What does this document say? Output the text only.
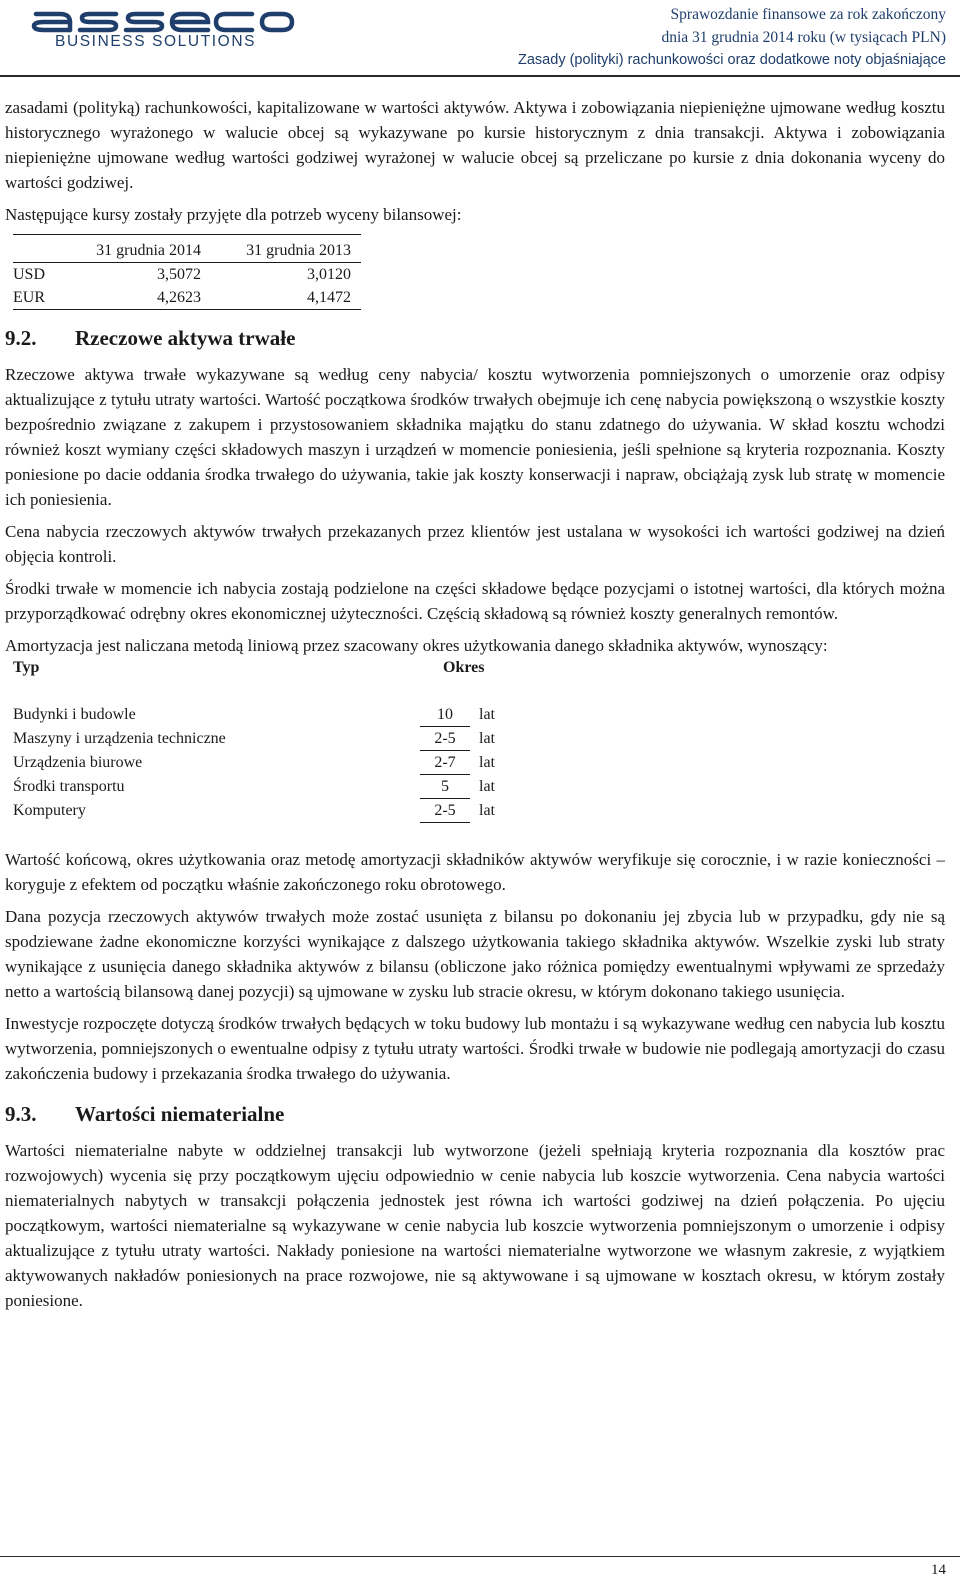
BUSINESS SOLUTIONS
Sprawozdanie finansowe za rok zakończony
dnia 31 grudnia 2014 roku (w tysiącach PLN)
Zasady (polityki) rachunkowości oraz dodatkowe noty objaśniające

zasadami (polityką) rachunkowości, kapitalizowane w wartości aktywów. Aktywa i zobowiązania niepieniężne ujmowane według kosztu historycznego wyrażonego w walucie obcej są wykazywane po kursie historycznym z dnia transakcji. Aktywa i zobowiązania niepieniężne ujmowane według wartości godziwej wyrażonej w walucie obcej są przeliczane po kursie z dnia dokonania wyceny do wartości godziwej.

Następujące kursy zostały przyjęte dla potrzeb wyceny bilansowej:

	31 grudnia 2014	31 grudnia 2013
USD	3,5072	3,0120
EUR	4,2623	4,1472
9.2. Rzeczowe aktywa trwałe

Rzeczowe aktywa trwałe wykazywane są według ceny nabycia/ kosztu wytworzenia pomniejszonych o umorzenie oraz odpisy aktualizujące z tytułu utraty wartości. Wartość początkowa środków trwałych obejmuje ich cenę nabycia powiększoną o wszystkie koszty bezpośrednio związane z zakupem i przystosowaniem składnika majątku do stanu zdatnego do używania. W skład kosztu wchodzi również koszt wymiany części składowych maszyn i urządzeń w momencie poniesienia, jeśli spełnione są kryteria rozpoznania. Koszty poniesione po dacie oddania środka trwałego do używania, takie jak koszty konserwacji i napraw, obciążają zysk lub stratę w momencie ich poniesienia.

Cena nabycia rzeczowych aktywów trwałych przekazanych przez klientów jest ustalana w wysokości ich wartości godziwej na dzień objęcia kontroli.

Środki trwałe w momencie ich nabycia zostają podzielone na części składowe będące pozycjami o istotnej wartości, dla których można przyporządkować odrębny okres ekonomicznej użyteczności. Częścią składową są również koszty generalnych remontów.

Amortyzacja jest naliczana metodą liniową przez szacowany okres użytkowania danego składnika aktywów, wynoszący:

Typ	Okres
Budynki i budowle	10	lat
Maszyny i urządzenia techniczne	2-5	lat
Urządzenia biurowe	2-7	lat
Środki transportu	5	lat
Komputery	2-5	lat

Wartość końcową, okres użytkowania oraz metodę amortyzacji składników aktywów weryfikuje się corocznie, i w razie konieczności – koryguje z efektem od początku właśnie zakończonego roku obrotowego.

Dana pozycja rzeczowych aktywów trwałych może zostać usunięta z bilansu po dokonaniu jej zbycia lub w przypadku, gdy nie są spodziewane żadne ekonomiczne korzyści wynikające z dalszego użytkowania takiego składnika aktywów. Wszelkie zyski lub straty wynikające z usunięcia danego składnika aktywów z bilansu (obliczone jako różnica pomiędzy ewentualnymi wpływami ze sprzedaży netto a wartością bilansową danej pozycji) są ujmowane w zysku lub stracie okresu, w którym dokonano takiego usunięcia.

Inwestycje rozpoczęte dotyczą środków trwałych będących w toku budowy lub montażu i są wykazywane według cen nabycia lub kosztu wytworzenia, pomniejszonych o ewentualne odpisy z tytułu utraty wartości. Środki trwałe w budowie nie podlegają amortyzacji do czasu zakończenia budowy i przekazania środka trwałego do używania.

9.3. Wartości niematerialne

Wartości niematerialne nabyte w oddzielnej transakcji lub wytworzone (jeżeli spełniają kryteria rozpoznania dla kosztów prac rozwojowych) wycenia się przy początkowym ujęciu odpowiednio w cenie nabycia lub koszcie wytworzenia. Cena nabycia wartości niematerialnych nabytych w transakcji połączenia jednostek jest równa ich wartości godziwej na dzień połączenia. Po ujęciu początkowym, wartości niematerialne są wykazywane w cenie nabycia lub koszcie wytworzenia pomniejszonym o umorzenie i odpisy aktualizujące z tytułu utraty wartości. Nakłady poniesione na wartości niematerialne wytworzone we własnym zakresie, z wyjątkiem aktywowanych nakładów poniesionych na prace rozwojowe, nie są aktywowane i są ujmowane w kosztach okresu, w którym zostały poniesione.

14
